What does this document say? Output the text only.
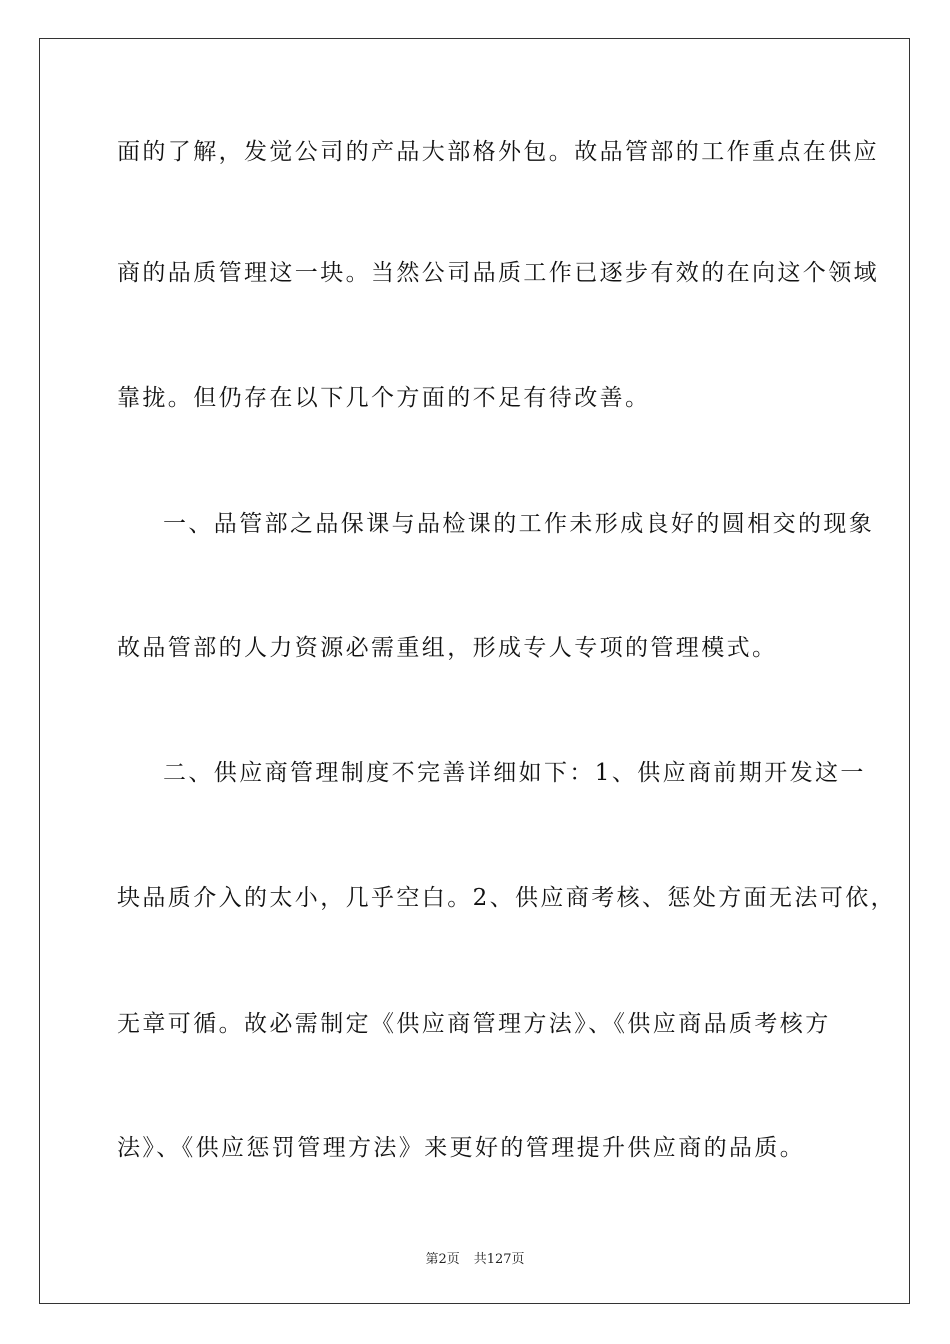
面的了解，发觉公司的产品大部格外包。故品管部的工作重点在供应
商的品质管理这一块。当然公司品质工作已逐步有效的在向这个领域
靠拢。但仍存在以下几个方面的不足有待改善。
一、品管部之品保课与品检课的工作未形成良好的圆相交的现象
故品管部的人力资源必需重组，形成专人专项的管理模式。
二、供应商管理制度不完善详细如下：1、供应商前期开发这一
块品质介入的太小，几乎空白。2、供应商考核、惩处方面无法可依，
无章可循。故必需制定《供应商管理方法》、《供应商品质考核方
法》、《供应惩罚管理方法》来更好的管理提升供应商的品质。
第2页 共127页
